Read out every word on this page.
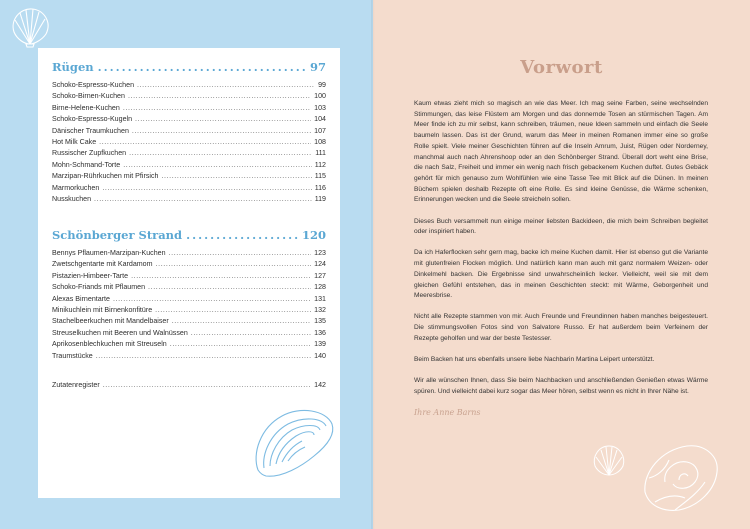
Rügen .....	97
Schoko-Espresso-Kuchen .....	99
Schoko-Birnen-Kuchen .....	100
Birne-Helene-Kuchen .....	103
Schoko-Espresso-Kugeln .....	104
Dänischer Traumkuchen .....	107
Hot Milk Cake .....	108
Russischer Zupfkuchen .....	111
Mohn-Schmand-Torte .....	112
Marzipan-Rührkuchen mit Pfirsich .....	115
Marmorkuchen .....	116
Nusskuchen .....	119
Schönberger Strand .....	120
Bennys Pflaumen-Marzipan-Kuchen .....	123
Zwetschgentarte mit Kardamom .....	124
Pistazien-Himbeer-Tarte .....	127
Schoko-Friands mit Pflaumen .....	128
Alexas Birnentarte .....	131
Minikuchlein mit Birnenkonfitüre .....	132
Stachelbeerkuchen mit Mandelbaiser .....	135
Streuselkuchen mit Beeren und Walnüssen .....	136
Aprikosenblechkuchen mit Streuseln .....	139
Traumstücke .....	140
Zutatenregister .....	142
Vorwort

Kaum etwas zieht mich so magisch an wie das Meer. Ich mag seine Farben, seine wechselnden Stimmungen, das leise Flüstern am Morgen und das donnernde Tosen an stürmischen Tagen. Am Meer finde ich zu mir selbst, kann schreiben, träumen, neue Ideen sammeln und einfach die Seele baumeln lassen. Das ist der Grund, warum das Meer in meinen Romanen immer eine so große Rolle spielt. Viele meiner Geschichten führen auf die Inseln Amrum, Juist, Rügen oder Norderney, manchmal auch nach Ahrenshoop oder an den Schönberger Strand. Überall dort weht eine Brise, die nach Salz, Freiheit und immer ein wenig nach frisch gebackenem Kuchen duftet. Gutes Gebäck gehört für mich genauso zum Wohlfühlen wie eine Tasse Tee mit Blick auf die Dünen. In meinen Büchern spielen deshalb Rezepte oft eine Rolle. Es sind kleine Genüsse, die Wärme schenken, Erinnerungen wecken und die Seele streicheln sollen.

Dieses Buch versammelt nun einige meiner liebsten Backideen, die mich beim Schreiben begleitet oder inspiriert haben.

Da ich Haferflocken sehr gern mag, backe ich meine Kuchen damit. Hier ist ebenso gut die Variante mit glutenfreien Flocken möglich. Und natürlich kann man auch mit ganz normalem Weizen- oder Dinkelmehl backen. Die Ergebnisse sind unwahrscheinlich lecker. Vielleicht, weil sie mit dem gleichen Gefühl entstehen, das in meinen Geschichten steckt: mit Wärme, Geborgenheit und Meeresbrise.

Nicht alle Rezepte stammen von mir. Auch Freunde und Freundinnen haben manches beigesteuert. Die stimmungsvollen Fotos sind von Salvatore Russo. Er hat außerdem beim Verfeinern der Rezepte geholfen und war der beste Testesser.

Beim Backen hat uns ebenfalls unsere liebe Nachbarin Martina Leipert unterstützt.

Wir alle wünschen Ihnen, dass Sie beim Nachbacken und anschließenden Genießen etwas Wärme spüren. Und vielleicht dabei kurz sogar das Meer hören, selbst wenn es nicht in Ihrer Nähe ist.

Ihre Anne Barns
